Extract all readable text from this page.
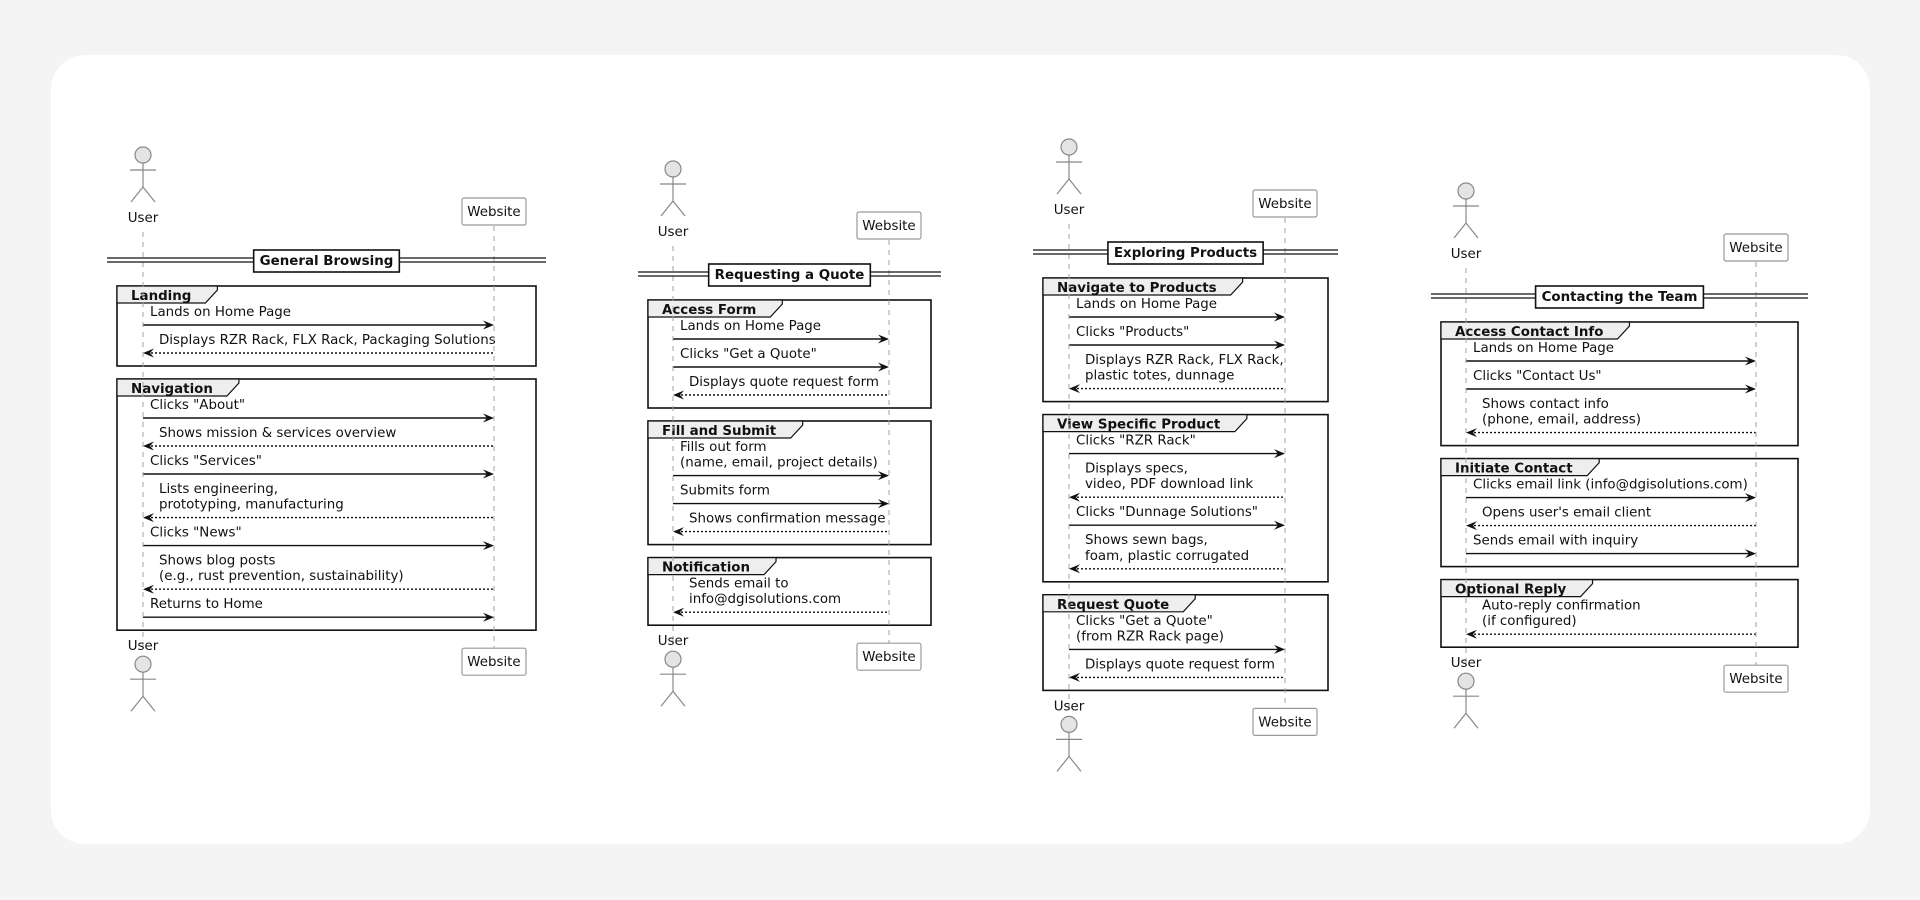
User	Website
Landing
Lands on Home Page
Displays RZR Rack, FLX Rack, Packaging Solutions
Navigation
Clicks "About"
Shows mission & services overview
Clicks "Services"
Lists engineering,
prototyping, manufacturing
Clicks "News"
Shows blog posts
(e.g., rust prevention, sustainability)
Returns to Home
General Browsing
User
Website
User	Website
Access Form
Lands on Home Page
Clicks "Get a Quote"
Displays quote request form
Fill and Submit
Fills out form
(name, email, project details)
Submits form
Shows confirmation message
Notification
Sends email to
info@dgisolutions.com
Requesting a Quote
User
Website
User	Website
Navigate to Products
Lands on Home Page
Clicks "Products"
Displays RZR Rack, FLX Rack,
plastic totes, dunnage
View Specific Product
Clicks "RZR Rack"
Displays specs,
video, PDF download link
Clicks "Dunnage Solutions"
Shows sewn bags,
foam, plastic corrugated
Request Quote
Clicks "Get a Quote"
(from RZR Rack page)
Displays quote request form
Exploring Products
User
Website
User	Website
Access Contact Info
Lands on Home Page
Clicks "Contact Us"
Shows contact info
(phone, email, address)
Initiate Contact
Clicks email link (info@dgisolutions.com)
Opens user's email client
Sends email with inquiry
Optional Reply
Auto-reply confirmation
(if configured)
Contacting the Team
User
Website
